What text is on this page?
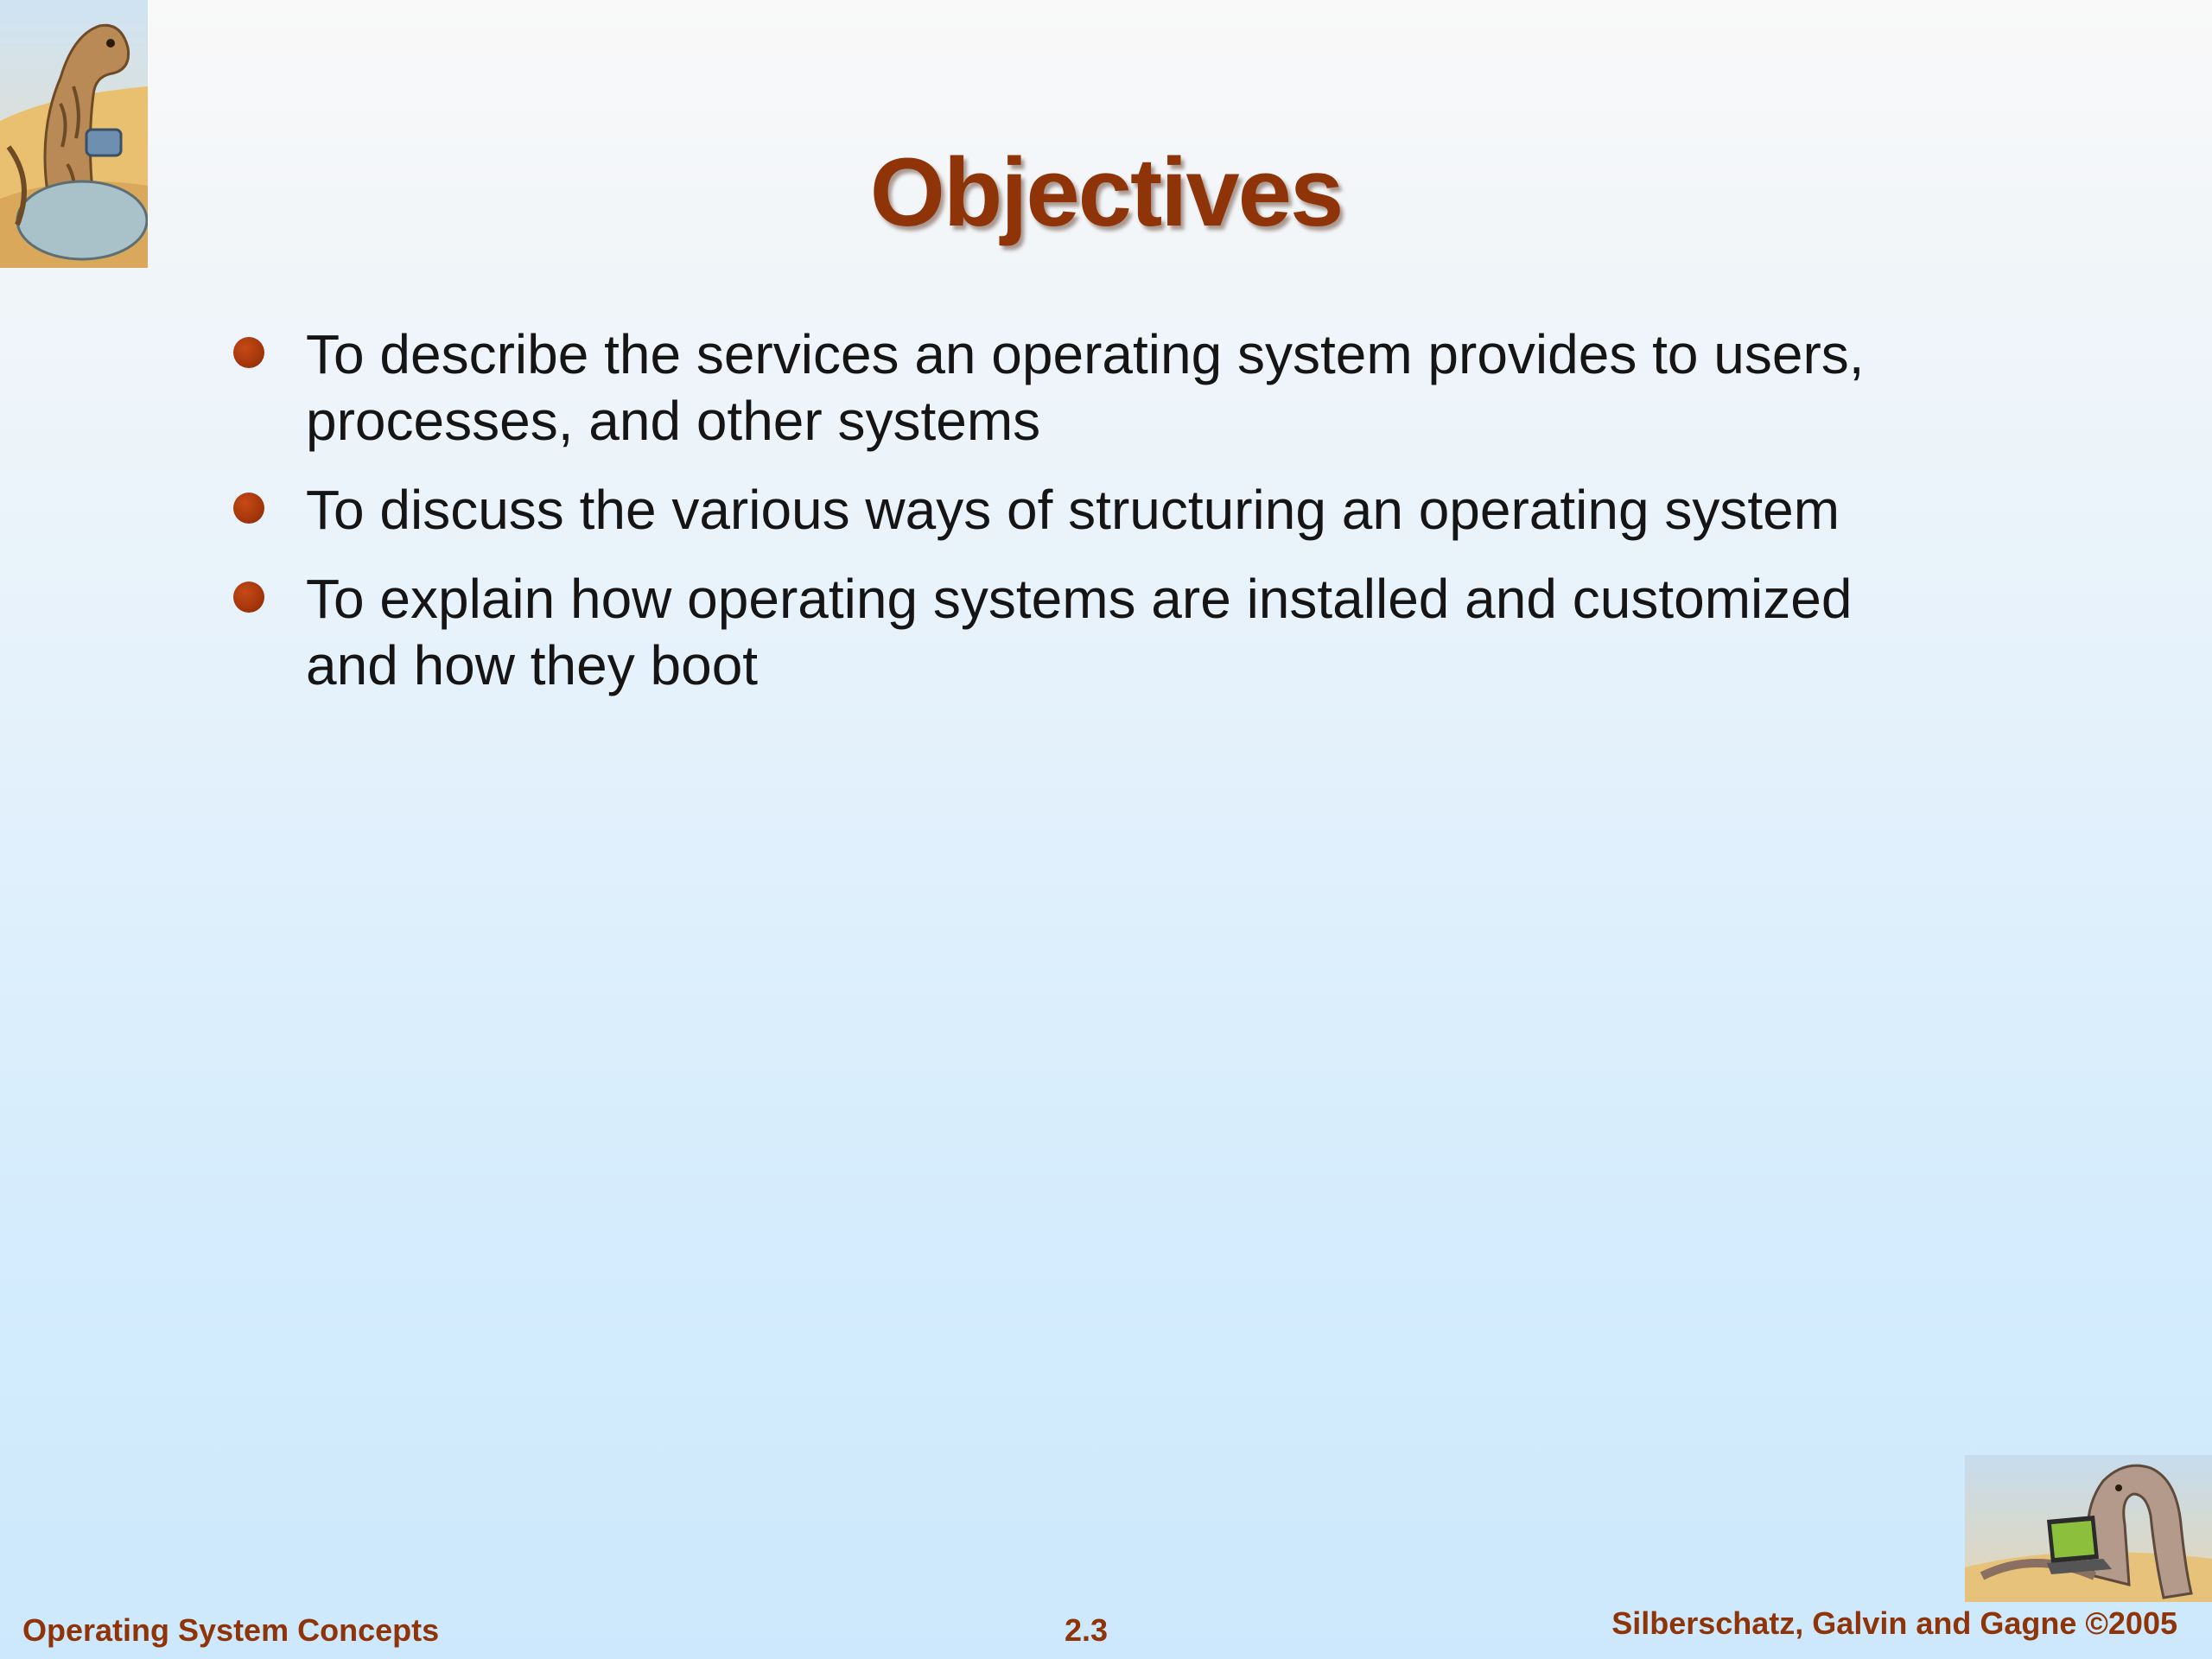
Objectives
To describe the services an operating system provides to users, processes, and other systems
To discuss the various ways of structuring an operating system
To explain how operating systems are installed and customized and how they boot
Operating System Concepts	2.3	Silberschatz, Galvin and Gagne ©2005
